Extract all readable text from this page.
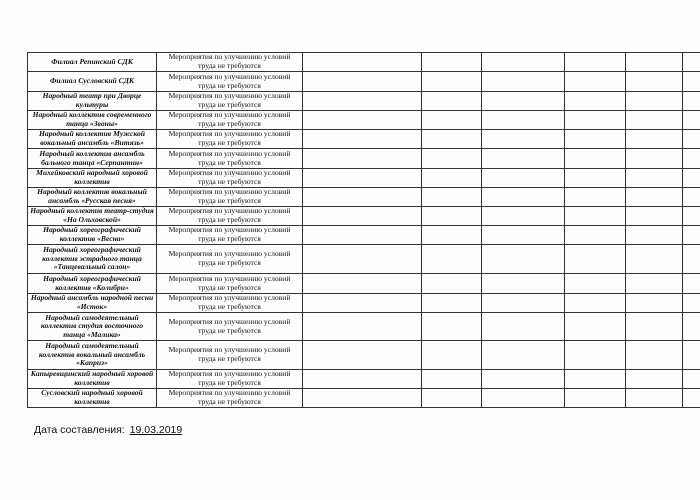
Филиал Репинский СДК	Мероприятия по улучшению условий труда не требуются						
Филиал Сусловский СДК	Мероприятия по улучшению условий труда не требуются						
Народный театр при Дворце культуры	Мероприятия по улучшению условий труда не требуются						
Народный коллектив современного танца «Звоны»	Мероприятия по улучшению условий труда не требуются						
Народный коллектив Мужской вокальный ансамбль «Витязь»	Мероприятия по улучшению условий труда не требуются						
Народный коллектив ансамбль бального танца «Серпантин»	Мероприятия по улучшению условий труда не требуются						
Михейковский народный хоровой коллектив	Мероприятия по улучшению условий труда не требуются						
Народный коллектив вокальный ансамбль «Русская песня»	Мероприятия по улучшению условий труда не требуются						
Народный коллектив театр-студия «На Ольховской»	Мероприятия по улучшению условий труда не требуются						
Народный хореографический коллектив «Весна»	Мероприятия по улучшению условий труда не требуются						
Народный хореографический коллектив эстрадного танца «Танцевальный салон»	Мероприятия по улучшению условий труда не требуются						
Народный хореографический коллектив «Колибри»	Мероприятия по улучшению условий труда не требуются						
Народный ансамбль народной песни «Исток»	Мероприятия по улучшению условий труда не требуются						
Народный самодеятельный коллектив студия восточного танца «Малика»	Мероприятия по улучшению условий труда не требуются						
Народный самодеятельный коллектив вокальный ансамбль «Каприз»	Мероприятия по улучшению условий труда не требуются						
Капыревщинский народный хоровой коллектив	Мероприятия по улучшению условий труда не требуются						
Сусловский народный хоровой коллектив	Мероприятия по улучшению условий труда не требуются						
Дата составления: 19.03.2019
